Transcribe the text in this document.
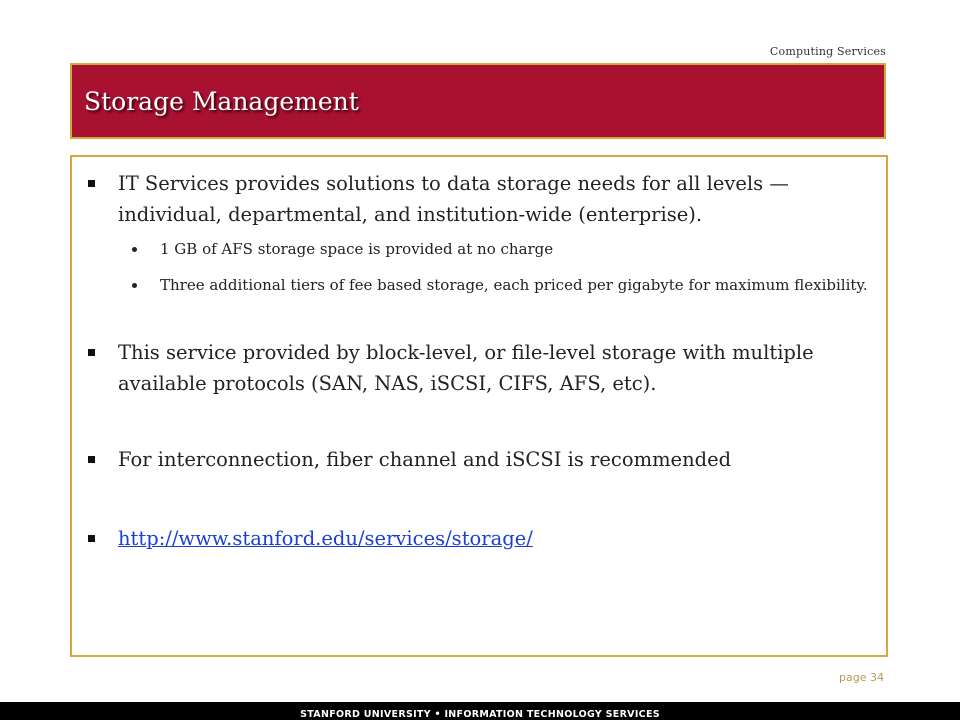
Computing Services
Storage Management
IT Services provides solutions to data storage needs for all levels — individual, departmental, and institution-wide (enterprise).
1 GB of AFS storage space is provided at no charge
Three additional tiers of fee based storage, each priced per gigabyte for maximum flexibility.
This service provided by block-level, or file-level storage with multiple available protocols (SAN, NAS, iSCSI, CIFS, AFS, etc).
For interconnection, fiber channel and iSCSI is recommended
http://www.stanford.edu/services/storage/
page 34
STANFORD UNIVERSITY • INFORMATION TECHNOLOGY SERVICES
